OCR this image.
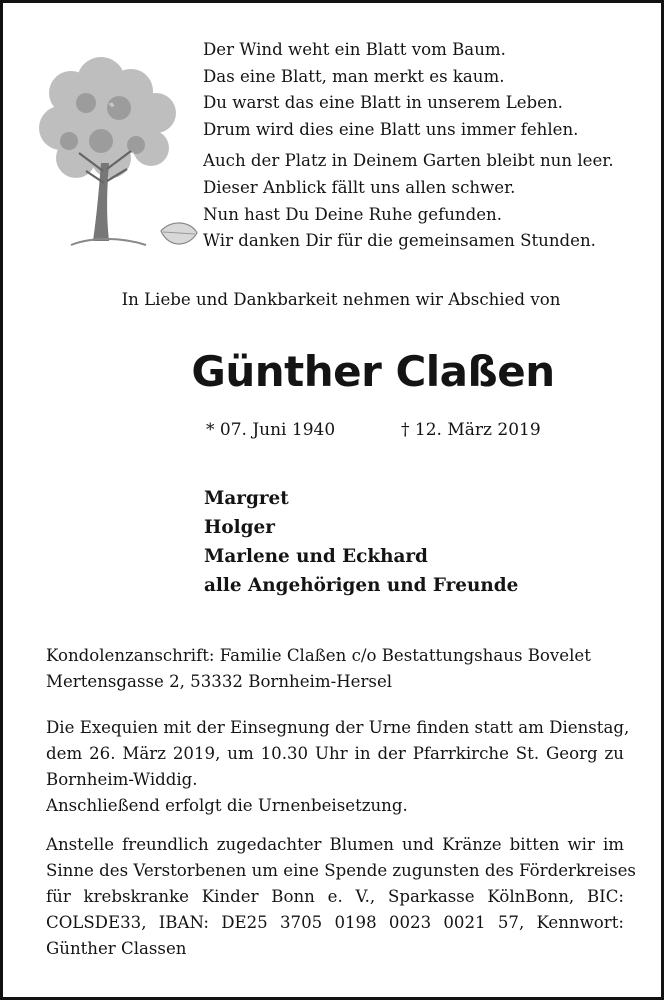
Der Wind weht ein Blatt vom Baum.
Das eine Blatt, man merkt es kaum.
Du warst das eine Blatt in unserem Leben.
Drum wird dies eine Blatt uns immer fehlen.

Auch der Platz in Deinem Garten bleibt nun leer.
Dieser Anblick fällt uns allen schwer.
Nun hast Du Deine Ruhe gefunden.
Wir danken Dir für die gemeinsamen Stunden.

In Liebe und Dankbarkeit nehmen wir Abschied von
Günther Claßen
* 07. Juni 1940	† 12. März 2019
Margret
Holger
Marlene und Eckhard
alle Angehörigen und Freunde
Kondolenzanschrift: Familie Claßen c/o Bestattungshaus Bovelet
Mertensgasse 2, 53332 Bornheim-Hersel
Die Exequien mit der Einsegnung der Urne finden statt am Dienstag,
dem 26. März 2019, um 10.30 Uhr in der Pfarrkirche St. Georg zu
Bornheim-Widdig.
Anschließend erfolgt die Urnenbeisetzung.
Anstelle freundlich zugedachter Blumen und Kränze bitten wir im
Sinne des Verstorbenen um eine Spende zugunsten des Förderkreises
für krebskranke Kinder Bonn e. V., Sparkasse KölnBonn, BIC:
COLSDE33, IBAN: DE25 3705 0198 0023 0021 57, Kennwort:
Günther Classen
